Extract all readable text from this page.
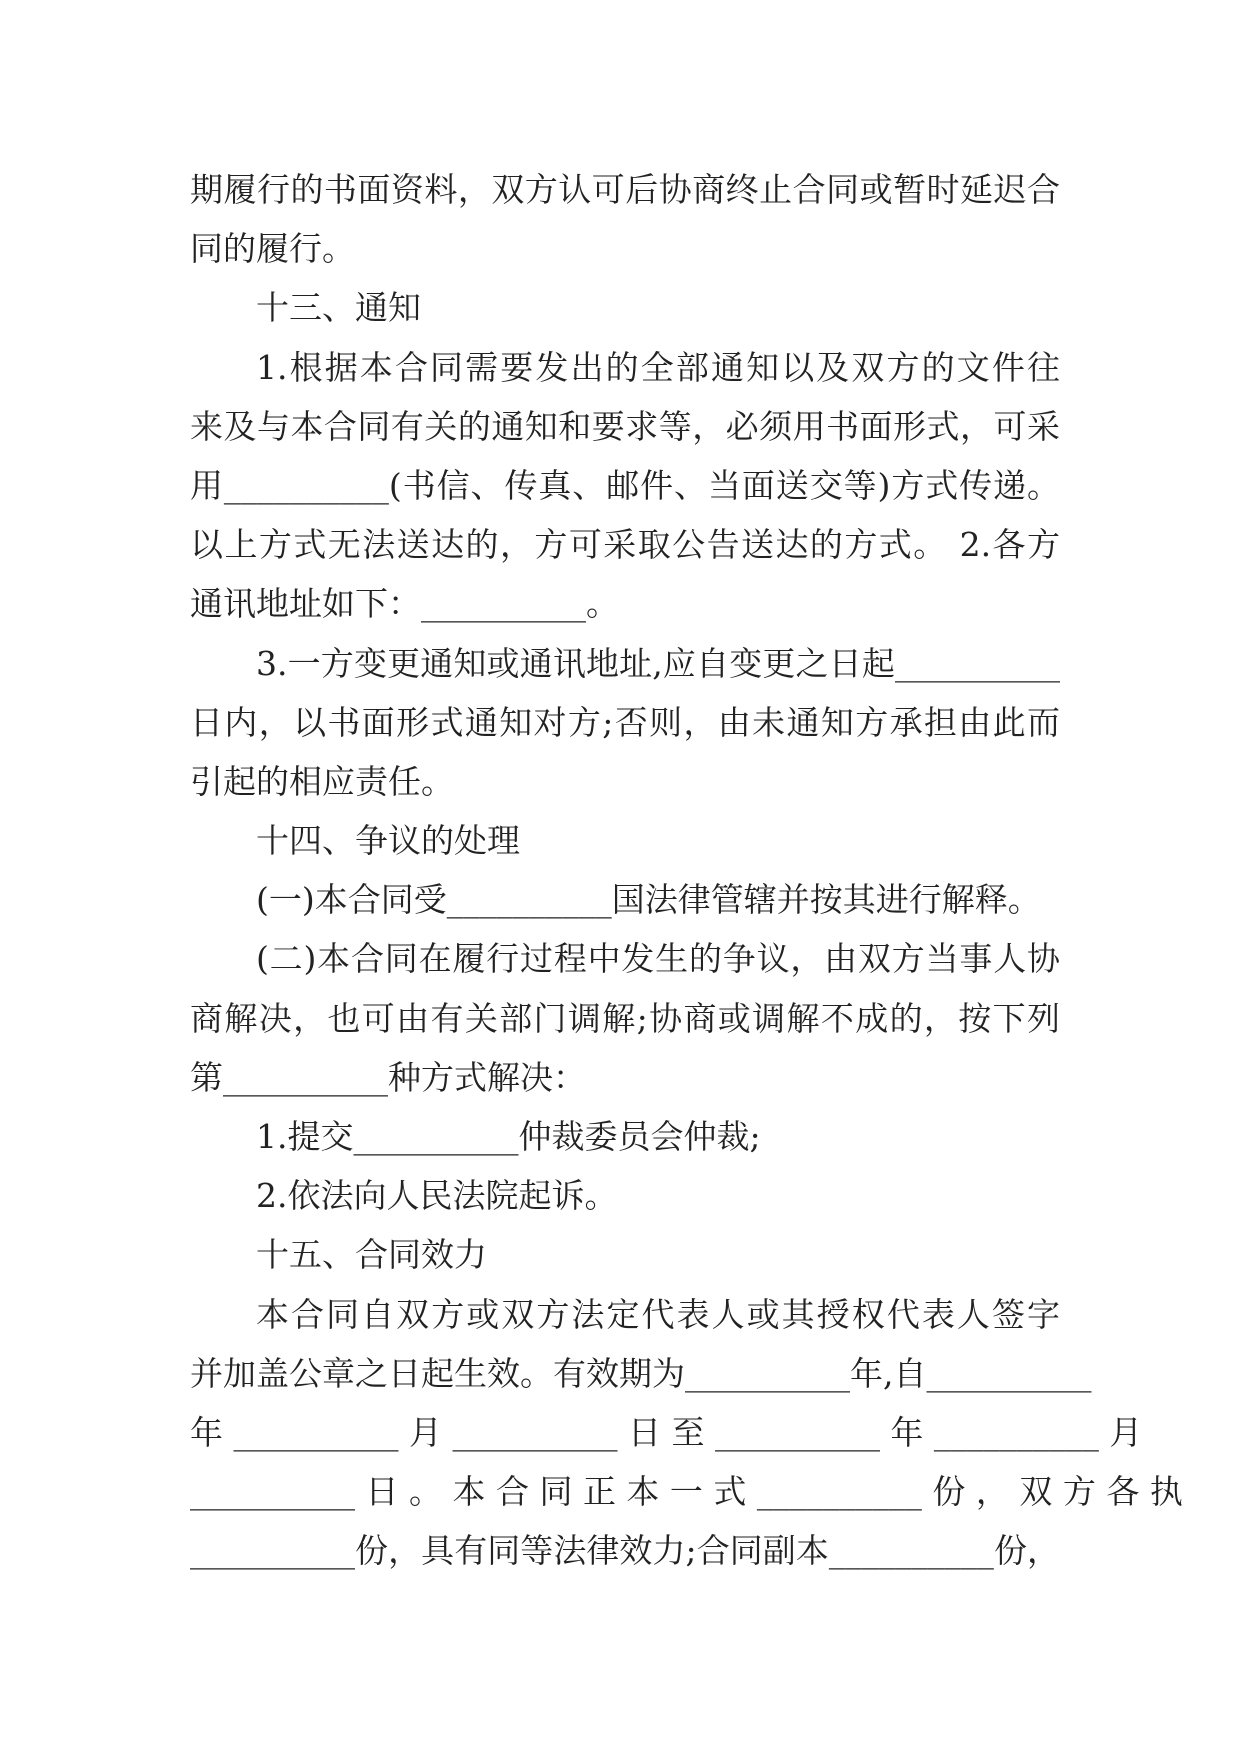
期履行的书面资料，双方认可后协商终止合同或暂时延迟合
同的履行。
十三、通知
1.根据本合同需要发出的全部通知以及双方的文件往
来及与本合同有关的通知和要求等，必须用书面形式，可采
用__________(书信、传真、邮件、当面送交等)方式传递。
以上方式无法送达的，方可采取公告送达的方式。 2.各方
通讯地址如下：__________。
3.一方变更通知或通讯地址,应自变更之日起__________
日内，以书面形式通知对方;否则，由未通知方承担由此而
引起的相应责任。
十四、争议的处理
(一)本合同受__________国法律管辖并按其进行解释。
(二)本合同在履行过程中发生的争议，由双方当事人协
商解决，也可由有关部门调解;协商或调解不成的，按下列
第__________种方式解决：
1.提交__________仲裁委员会仲裁;
2.依法向人民法院起诉。
十五、合同效力
本合同自双方或双方法定代表人或其授权代表人签字
并加盖公章之日起生效。有效期为__________年,自__________
年 __________ 月 __________ 日 至 __________ 年 __________ 月
__________ 日 。 本 合 同 正 本 一 式 __________ 份 ， 双 方 各 执
__________份，具有同等法律效力;合同副本__________份，
